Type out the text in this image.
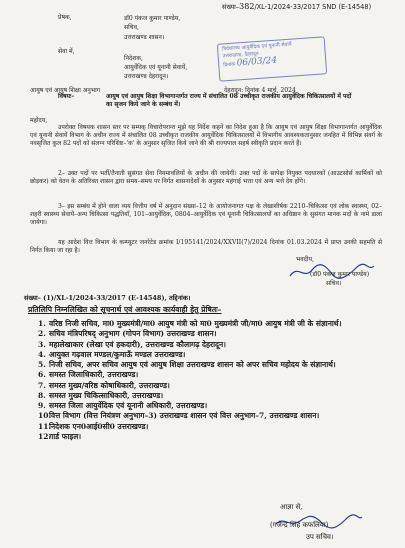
संख्या–382/XL-1/2024-33/2017 SND (E-14548)
प्रेषक,	डॉ0 पंकज कुमार पाण्डेय,
सचिव,
उत्तराखण्ड शासन।
सेवा में,
निदेशक,
आयुर्वेदिक एवं यूनानी सेवायें,
उत्तराखण्ड देहरादून।
निदेशालय आयुर्वेदिक एवं यूनानी सेवायें
उत्तराखण्ड, देहरादून
दिनांक 06/03/24
आयुष एवं आयुष शिक्षा अनुभाग	देहरादून: दिनांक 4 मार्च, 2024
विषयः–	आयुष एवं आयुष शिक्षा विभागान्तर्गत राज्य में संचालित 08 उच्चीकृत राजकीय आयुर्वेदिक चिकित्सालयों में पदों का सृजन किये जाने के सम्बंध में।
महोदय,
उपरोक्त विषयक शासन स्तर पर सम्यक् विचारोपरान्त मुझे यह निर्देश कहने का निदेश हुआ है कि आयुष एवं आयुष शिक्षा विभागान्तर्गत आयुर्वेदिक एवं यूनानी सेवायें विभाग के अधीन राज्य में संचालित 08 उच्चीकृत राजकीय आयुर्वेदिक चिकित्सालयों में विभागीय आवश्यकतानुसार जनहित में विभिन्न संवर्ग के नवसृजित कुल 82 पदों को संलग्न परिशिष्ट–'क' के अनुसार सृजित किये जाने की श्री राज्यपाल सहर्ष स्वीकृति प्रदान करते हैं।
2– उक्त पदों पर भर्ती/तैनाती सुसंगत सेवा नियमावलियों के अधीन की जायेगी। उक्त पदों के सापेक्ष नियुक्त पदधारकों (आउटसोर्स कार्मिकों को छोड़कर) को वेतन के अतिरिक्त शासन द्वारा समय–समय पर निर्गत शासनादेशों के अनुसार महंगाई भत्ता एवं अन्य भत्ते देय होंगे।
3– इस सम्बंध में होने वाला व्यय वित्तीय वर्ष में अनुदान संख्या–12 के आयोजनागत पक्ष के लेखाशीर्षक 2210–चिकित्सा एवं लोक स्वास्थ्य, 02–शहरी स्वास्थ्य सेवायें–अन्य चिकित्सा पद्धतियाँ, 101–आयुर्वेदिक, 0804–आयुर्वेदिक एवं यूनानी चिकित्सालयों का अधिष्ठान के सुसंगत मानक मदों के नामे डाला जायेगा।
यह आदेश वित्त विभाग के कम्प्यूटर जनरेटेड क्रमांक I/195141/2024/XXVII(7)/2024 दिनांक 01.03.2024 में प्राप्त उनकी सहमति से निर्गत किया जा रहा है।
भवदीय,
(डॉ0 पंकज कुमार पाण्डेय)
सचिव।
संख्या– (1)/XL-1/2024-33/2017 (E-14548), तद्दिनांक।
प्रतिलिपि निम्नलिखित को सूचनार्थ एवं आवश्यक कार्यवाही हेतु प्रेषितः–
1. वरिष्ठ निजी सचिव, मा0 मुख्यमंत्री/मा0 आयुष मंत्री को मा0 मुख्यमंत्री जी/मा0 आयुष मंत्री जी के संज्ञानार्थ।
2. सचिव मंत्रिपरिषद् अनुभाग (गोपन विभाग) उत्तराखण्ड शासन।
3. महालेखाकार (लेखा एवं हकदारी), उत्तराखण्ड कौलागढ़ देहरादून।
4. आयुक्त गढ़वाल मण्डल/कुमाऊँ मण्डल उत्तराखण्ड।
5. निजी सचिव, अपर सचिव आयुष एवं आयुष शिक्षा उत्तराखण्ड शासन को अपर सचिव महोदय के संज्ञानार्थ।
6. समस्त जिलाधिकारी, उत्तराखण्ड।
7. समस्त मुख्य/वरिष्ठ कोषाधिकारी, उत्तराखण्ड।
8. समस्त मुख्य चिकित्साधिकारी, उत्तराखण्ड।
9. समस्त जिला आयुर्वेदिक एवं यूनानी अधिकारी, उत्तराखण्ड।
10.
वित्त विभाग (वित्त नियंत्रण अनुभाग–3) उत्तराखण्ड शासन एवं वित्त अनुभाग–7, उत्तराखण्ड शासन।
11.
निदेशक एन0आई0सी0 उत्तराखण्ड।
12.
गार्ड फाइल।
आज्ञा से,
(गजेन्द्र सिंह कफलिया)
उप सचिव।
